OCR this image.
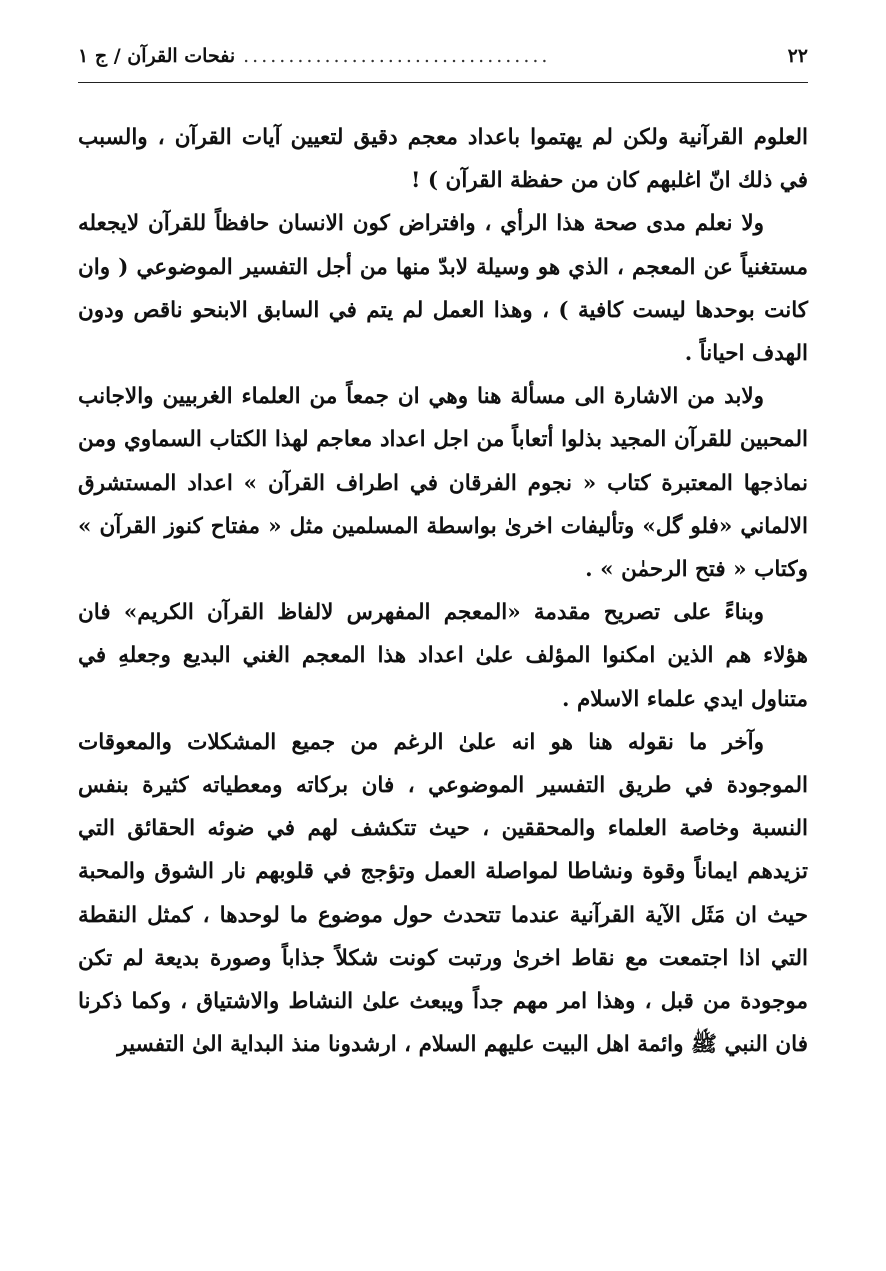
٢٢
..................................
نفحات القرآن / ج ١

العلوم القرآنية ولكن لم يهتموا باعداد معجم دقيق لتعيين آيات القرآن ، والسبب في ذلك انّ اغلبهم كان من حفظة القرآن ) !

ولا نعلم مدى صحة هذا الرأي ، وافتراض كون الانسان حافظاً للقرآن لايجعله مستغنياً عن المعجم ، الذي هو وسيلة لابدّ منها من أجل التفسير الموضوعي ( وان كانت بوحدها ليست كافية ) ، وهذا العمل لم يتم في السابق الابنحو ناقص ودون الهدف احياناً .

ولابد من الاشارة الى مسألة هنا وهي ان جمعاً من العلماء الغربيين والاجانب المحبين للقرآن المجيد بذلوا أتعاباً من اجل اعداد معاجم لهذا الكتاب السماوي ومن نماذجها المعتبرة كتاب « نجوم الفرقان في اطراف القرآن » اعداد المستشرق الالماني «فلو گل» وتأليفات اخرىٰ بواسطة المسلمين مثل « مفتاح كنوز القرآن » وكتاب « فتح الرحمٰن » .

وبناءً على تصريح مقدمة «المعجم المفهرس لالفاظ القرآن الكريم» فان هؤلاء هم الذين امكنوا المؤلف علىٰ اعداد هذا المعجم الغني البديع وجعلهِ في متناول ايدي علماء الاسلام .

وآخر ما نقوله هنا هو انه علىٰ الرغم من جميع المشكلات والمعوقات الموجودة في طريق التفسير الموضوعي ، فان بركاته ومعطياته كثيرة بنفس النسبة وخاصة العلماء والمحققين ، حيث تتكشف لهم في ضوئه الحقائق التي تزيدهم ايماناً وقوة ونشاطا لمواصلة العمل وتؤجج في قلوبهم نار الشوق والمحبة حيث ان مَثَل الآية القرآنية عندما تتحدث حول موضوع ما لوحدها ، كمثل النقطة التي اذا اجتمعت مع نقاط اخرىٰ ورتبت كونت شكلاً جذاباً وصورة بديعة لم تكن موجودة من قبل ، وهذا امر مهم جداً ويبعث علىٰ النشاط والاشتياق ، وكما ذكرنا فان النبي ﷺ وائمة اهل البيت عليهم السلام ، ارشدونا منذ البداية الىٰ التفسير
